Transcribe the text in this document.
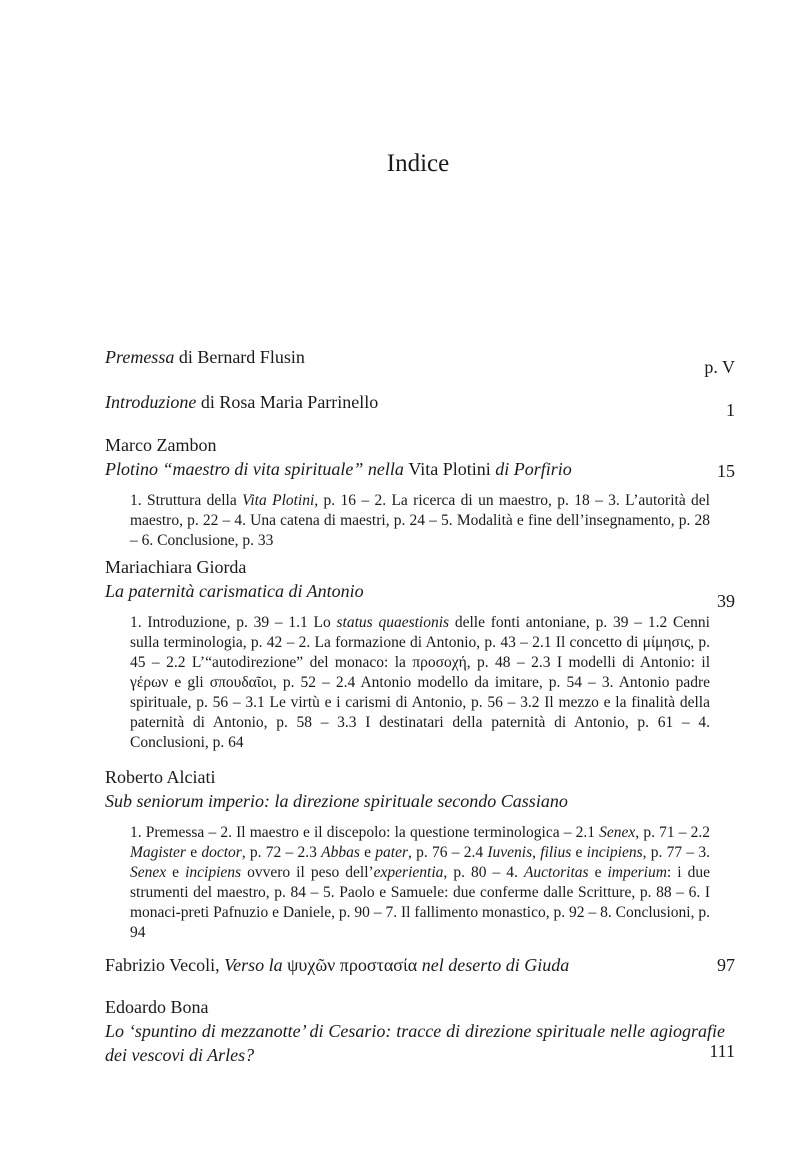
Indice
Premessa di Bernard Flusin	p. V
Introduzione di Rosa Maria Parrinello	1
Marco Zambon
Plotino “maestro di vita spirituale” nella Vita Plotini di Porfirio	15
1. Struttura della Vita Plotini, p. 16 – 2. La ricerca di un maestro, p. 18 – 3. L’autorità del maestro, p. 22 – 4. Una catena di maestri, p. 24 – 5. Modalità e fine dell’insegnamento, p. 28 – 6. Conclusione, p. 33
Mariachiara Giorda
La paternità carismatica di Antonio	39
1. Introduzione, p. 39 – 1.1 Lo status quaestionis delle fonti antoniane, p. 39 – 1.2 Cenni sulla terminologia, p. 42 – 2. La formazione di Antonio, p. 43 – 2.1 Il concetto di μίμησις, p. 45 – 2.2 L’“autodirezione” del monaco: la προσοχή, p. 48 – 2.3 I modelli di Antonio: il γέρων e gli σπουδαῖοι, p. 52 – 2.4 Antonio modello da imitare, p. 54 – 3. Antonio padre spirituale, p. 56 – 3.1 Le virtù e i carismi di Antonio, p. 56 – 3.2 Il mezzo e la finalità della paternità di Antonio, p. 58 – 3.3 I destinatari della paternità di Antonio, p. 61 – 4. Conclusioni, p. 64
Roberto Alciati
Sub seniorum imperio: la direzione spirituale secondo Cassiano
1. Premessa – 2. Il maestro e il discepolo: la questione terminologica – 2.1 Senex, p. 71 – 2.2 Magister e doctor, p. 72 – 2.3 Abbas e pater, p. 76 – 2.4 Iuvenis, filius e incipiens, p. 77 – 3. Senex e incipiens ovvero il peso dell’experientia, p. 80 – 4. Auctoritas e imperium: i due strumenti del maestro, p. 84 – 5. Paolo e Samuele: due conferme dalle Scritture, p. 88 – 6. I monaci-preti Pafnuzio e Daniele, p. 90 – 7. Il fallimento monastico, p. 92 – 8. Conclusioni, p. 94
Fabrizio Vecoli, Verso la ψυχῶν προστασία nel deserto di Giuda	97
Edoardo Bona
Lo ‘spuntino di mezzanotte’ di Cesario: tracce di direzione spirituale nelle agiografie dei vescovi di Arles?	111
